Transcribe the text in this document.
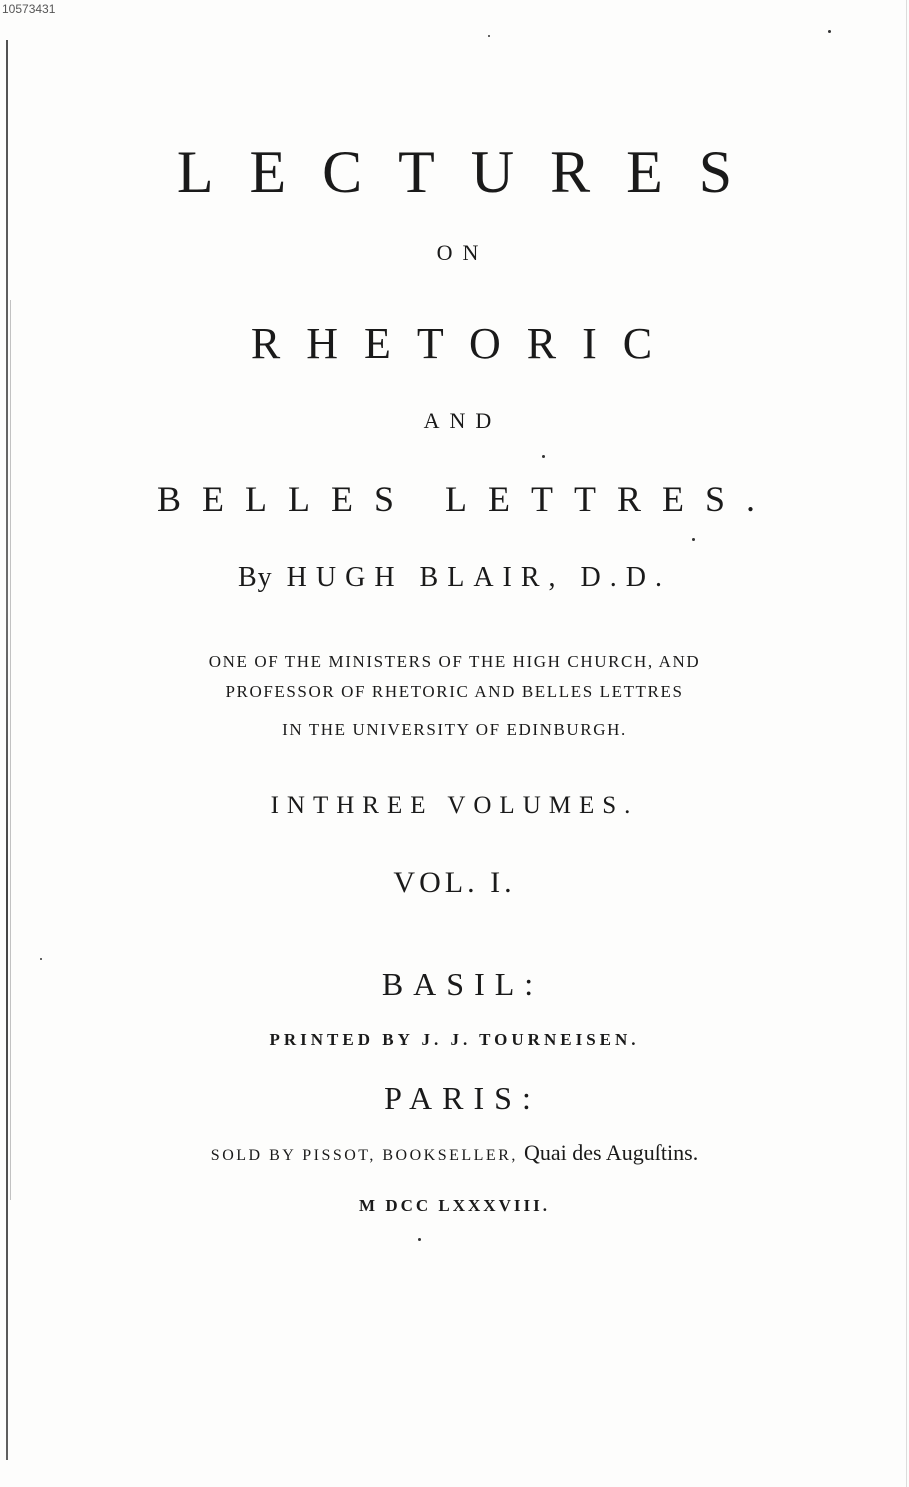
10573431
LECTURES
ON
RHETORIC
AND
BELLES LETTRES.
By HUGH BLAIR, D.D.
ONE OF THE MINISTERS OF THE HIGH CHURCH, AND
PROFESSOR OF RHETORIC AND BELLES LETTRES
IN THE UNIVERSITY OF EDINBURGH.
INTHREE VOLUMES.
VOL. I.
BASIL:
PRINTED BY J. J. TOURNEISEN.
PARIS:
SOLD BY PISSOT, BOOKSELLER, Quai des Auguſtins.
M DCC LXXXVIII.
